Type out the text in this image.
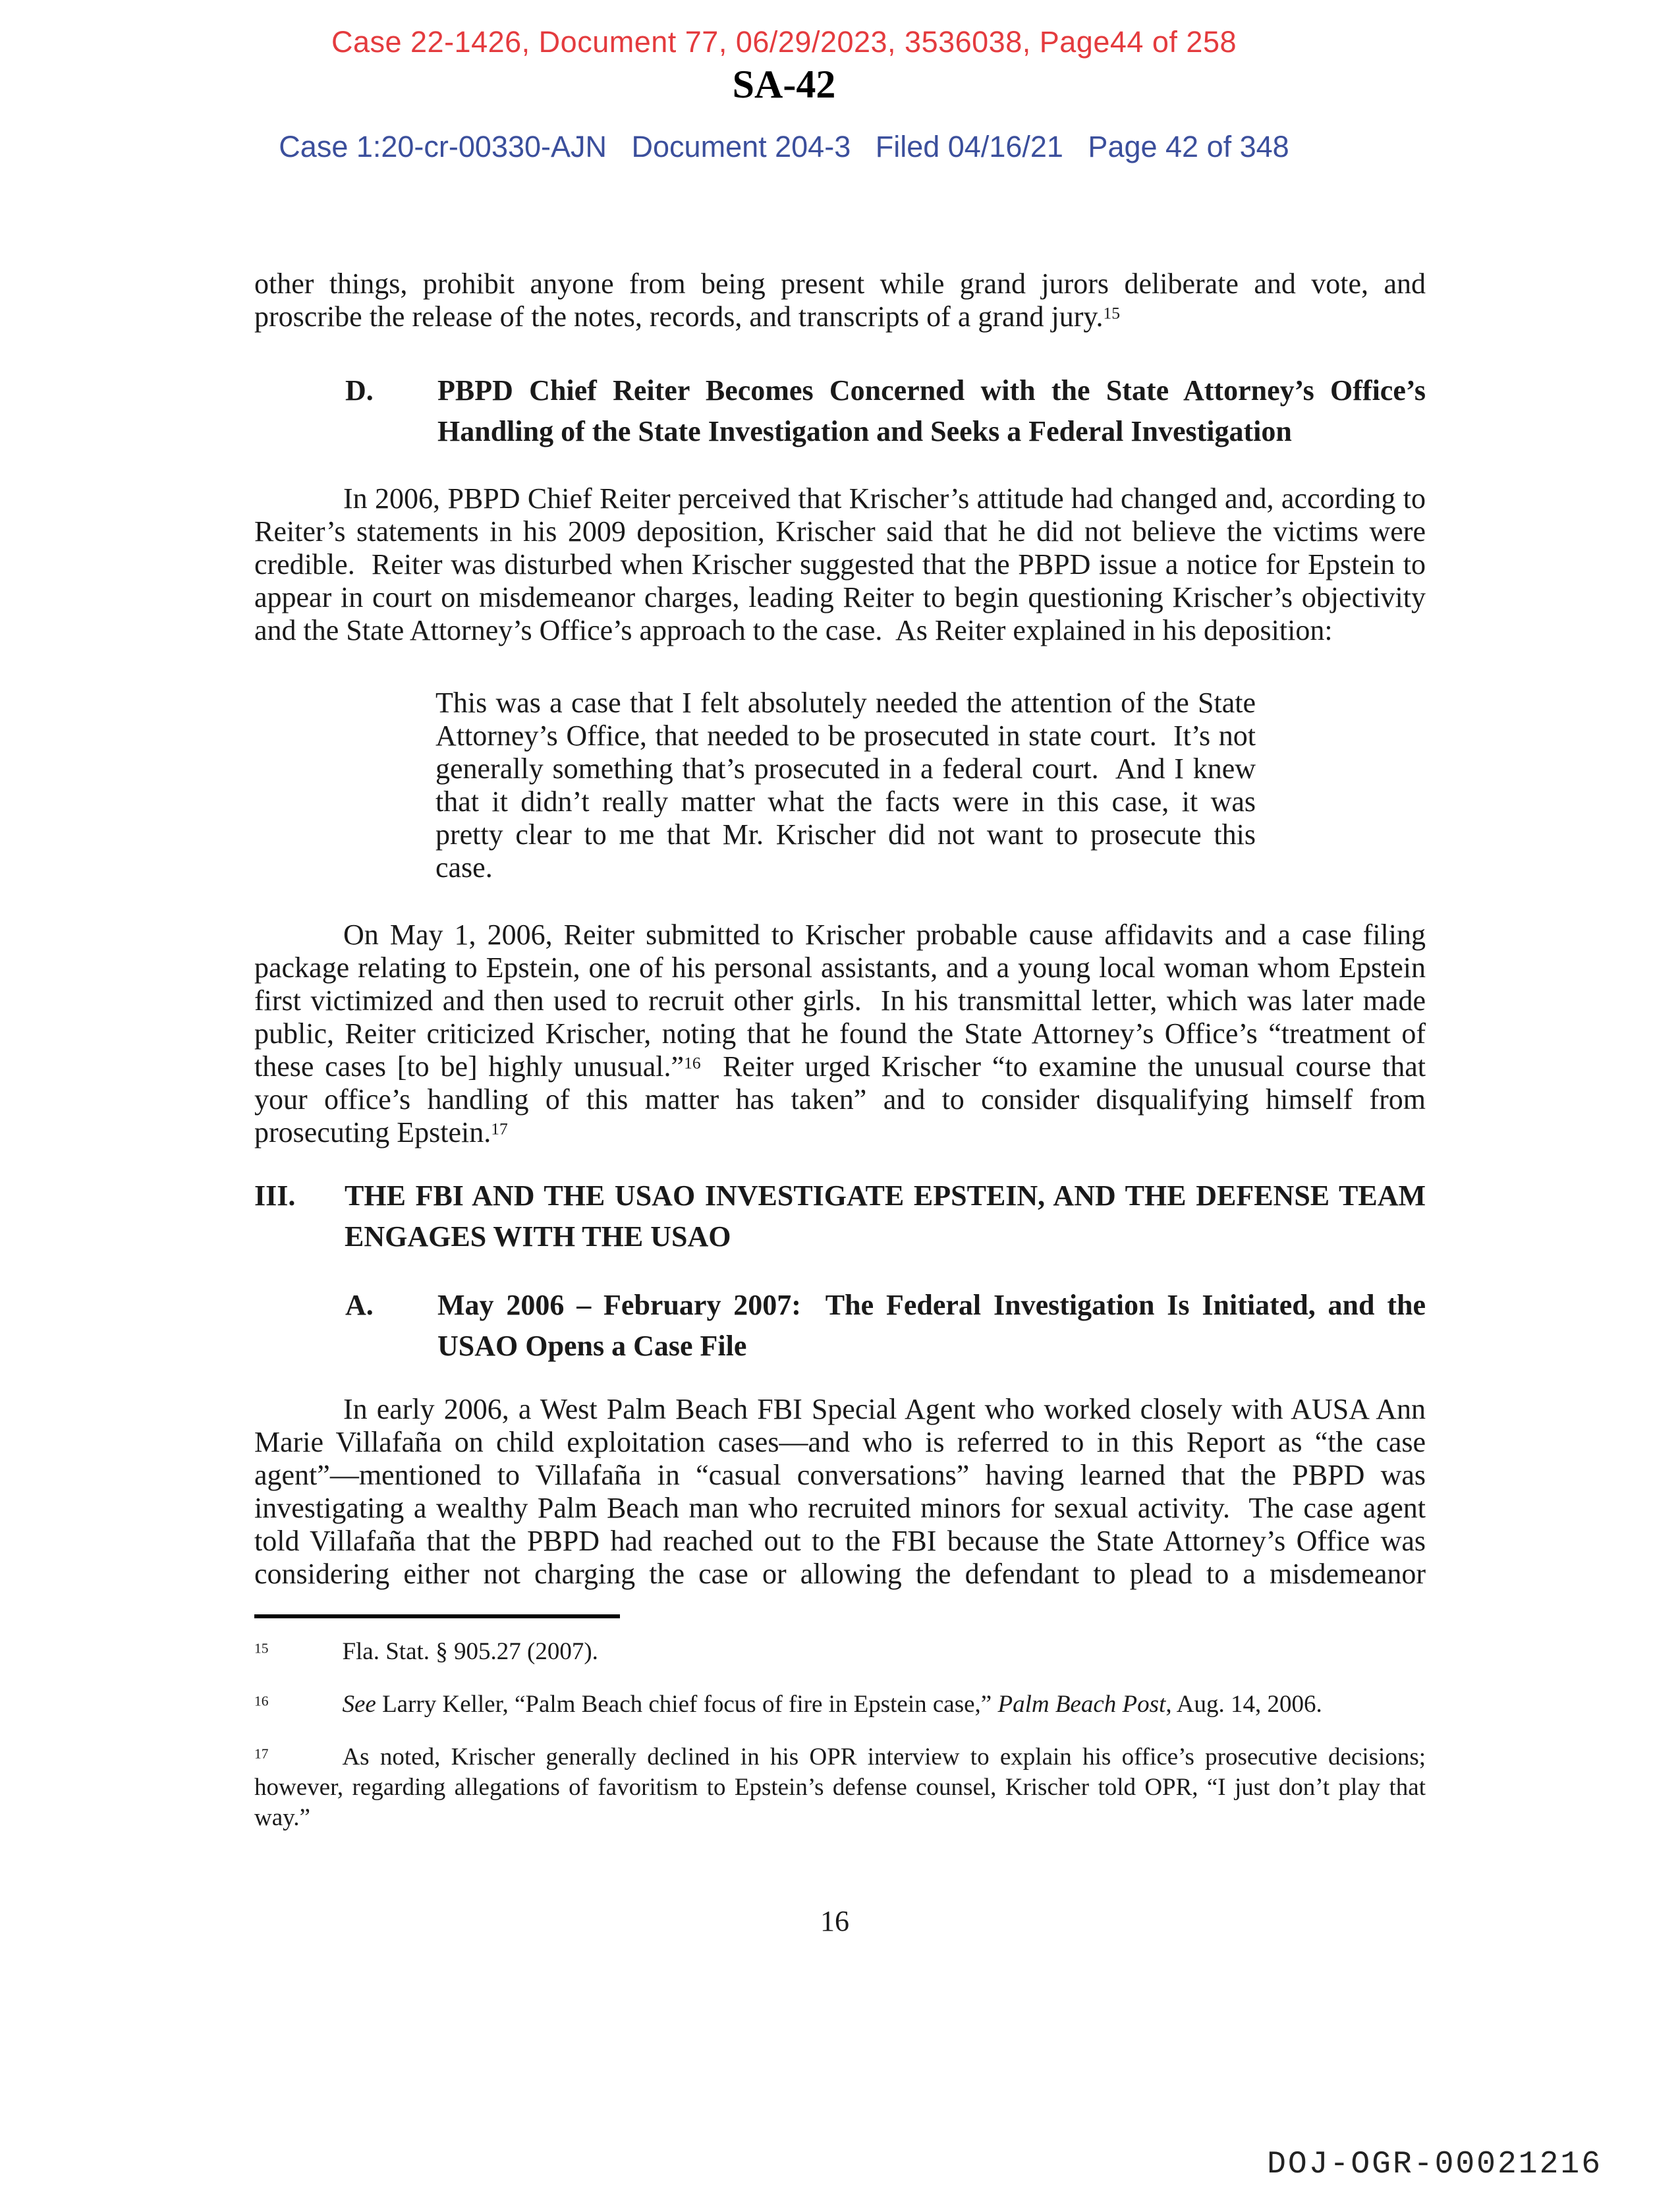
Case 22-1426, Document 77, 06/29/2023, 3536038, Page44 of 258
SA-42
Case 1:20-cr-00330-AJN   Document 204-3   Filed 04/16/21   Page 42 of 348

other things, prohibit anyone from being present while grand jurors deliberate and vote, and proscribe the release of the notes, records, and transcripts of a grand jury.$^{15}$

D. PBPD Chief Reiter Becomes Concerned with the State Attorney’s Office’s Handling of the State Investigation and Seeks a Federal Investigation

In 2006, PBPD Chief Reiter perceived that Krischer’s attitude had changed and, according to Reiter’s statements in his 2009 deposition, Krischer said that he did not believe the victims were credible.  Reiter was disturbed when Krischer suggested that the PBPD issue a notice for Epstein to appear in court on misdemeanor charges, leading Reiter to begin questioning Krischer’s objectivity and the State Attorney’s Office’s approach to the case.  As Reiter explained in his deposition:

This was a case that I felt absolutely needed the attention of the State Attorney’s Office, that needed to be prosecuted in state court.  It’s not generally something that’s prosecuted in a federal court.  And I knew that it didn’t really matter what the facts were in this case, it was pretty clear to me that Mr. Krischer did not want to prosecute this case.

On May 1, 2006, Reiter submitted to Krischer probable cause affidavits and a case filing package relating to Epstein, one of his personal assistants, and a young local woman whom Epstein first victimized and then used to recruit other girls.  In his transmittal letter, which was later made public, Reiter criticized Krischer, noting that he found the State Attorney’s Office’s “treatment of these cases [to be] highly unusual.”$^{16}$  Reiter urged Krischer “to examine the unusual course that your office’s handling of this matter has taken” and to consider disqualifying himself from prosecuting Epstein.$^{17}$

III. THE FBI AND THE USAO INVESTIGATE EPSTEIN, AND THE DEFENSE TEAM ENGAGES WITH THE USAO

A. May 2006 – February 2007:  The Federal Investigation Is Initiated, and the USAO Opens a Case File

In early 2006, a West Palm Beach FBI Special Agent who worked closely with AUSA Ann Marie Villafaña on child exploitation cases—and who is referred to in this Report as “the case agent”—mentioned to Villafaña in “casual conversations” having learned that the PBPD was investigating a wealthy Palm Beach man who recruited minors for sexual activity.  The case agent told Villafaña that the PBPD had reached out to the FBI because the State Attorney’s Office was considering either not charging the case or allowing the defendant to plead to a misdemeanor

$^{15}$	Fla. Stat. § 905.27 (2007).

$^{16}$	See Larry Keller, “Palm Beach chief focus of fire in Epstein case,” Palm Beach Post, Aug. 14, 2006.

$^{17}$	As noted, Krischer generally declined in his OPR interview to explain his office’s prosecutive decisions; however, regarding allegations of favoritism to Epstein’s defense counsel, Krischer told OPR, “I just don’t play that way.”

16
DOJ-OGR-00021216
